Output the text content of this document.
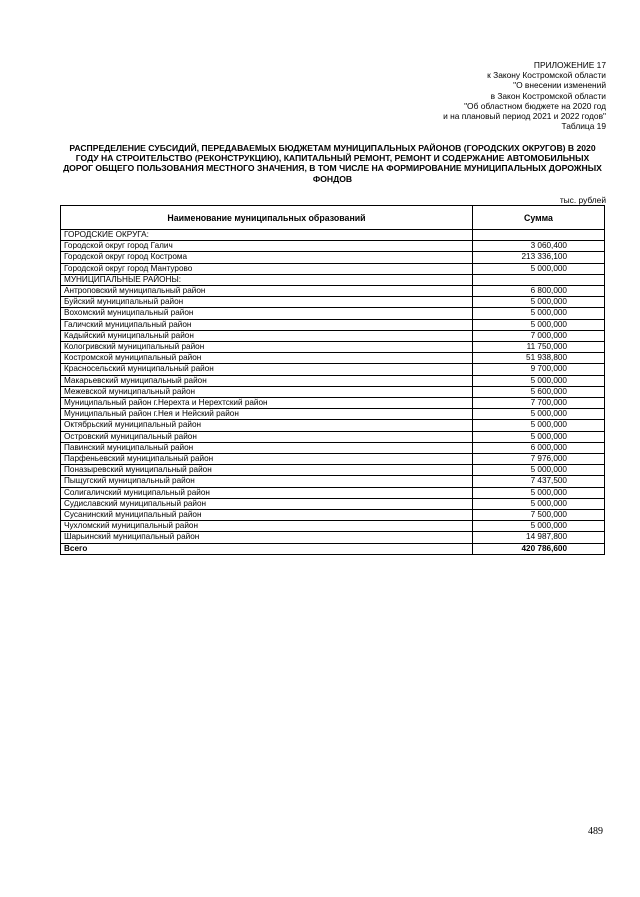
ПРИЛОЖЕНИЕ 17
к Закону Костромской области
"О внесении изменений
в Закон Костромской области
"Об областном бюджете на 2020 год
и на плановый период 2021 и 2022 годов"
Таблица 19
РАСПРЕДЕЛЕНИЕ СУБСИДИЙ, ПЕРЕДАВАЕМЫХ БЮДЖЕТАМ МУНИЦИПАЛЬНЫХ РАЙОНОВ (ГОРОДСКИХ ОКРУГОВ) В 2020 ГОДУ НА СТРОИТЕЛЬСТВО (РЕКОНСТРУКЦИЮ), КАПИТАЛЬНЫЙ РЕМОНТ, РЕМОНТ И СОДЕРЖАНИЕ АВТОМОБИЛЬНЫХ ДОРОГ ОБЩЕГО ПОЛЬЗОВАНИЯ МЕСТНОГО ЗНАЧЕНИЯ, В ТОМ ЧИСЛЕ НА ФОРМИРОВАНИЕ МУНИЦИПАЛЬНЫХ ДОРОЖНЫХ ФОНДОВ
тыс. рублей
Наименование муниципальных образований	Сумма
ГОРОДСКИЕ ОКРУГА:	
Городской округ город Галич	3 060,400
Городской округ город Кострома	213 336,100
Городской округ город Мантурово	5 000,000
МУНИЦИПАЛЬНЫЕ РАЙОНЫ:	
Антроповский муниципальный район	6 800,000
Буйский муниципальный район	5 000,000
Вохомский муниципальный район	5 000,000
Галичский муниципальный район	5 000,000
Кадыйский муниципальный район	7 000,000
Кологривский муниципальный район	11 750,000
Костромской муниципальный район	51 938,800
Красносельский муниципальный район	9 700,000
Макарьевский муниципальный район	5 000,000
Межевской муниципальный район	5 600,000
Муниципальный район г.Нерехта и Нерехтский район	7 700,000
Муниципальный район г.Нея и Нейский район	5 000,000
Октябрьский муниципальный район	5 000,000
Островский муниципальный район	5 000,000
Павинский муниципальный район	6 000,000
Парфеньевский муниципальный район	7 976,000
Поназыревский муниципальный район	5 000,000
Пыщугский муниципальный район	7 437,500
Солигаличский муниципальный район	5 000,000
Судиславский муниципальный район	5 000,000
Сусанинский муниципальный район	7 500,000
Чухломский муниципальный район	5 000,000
Шарьинский муниципальный район	14 987,800
Всего	420 786,600
489
